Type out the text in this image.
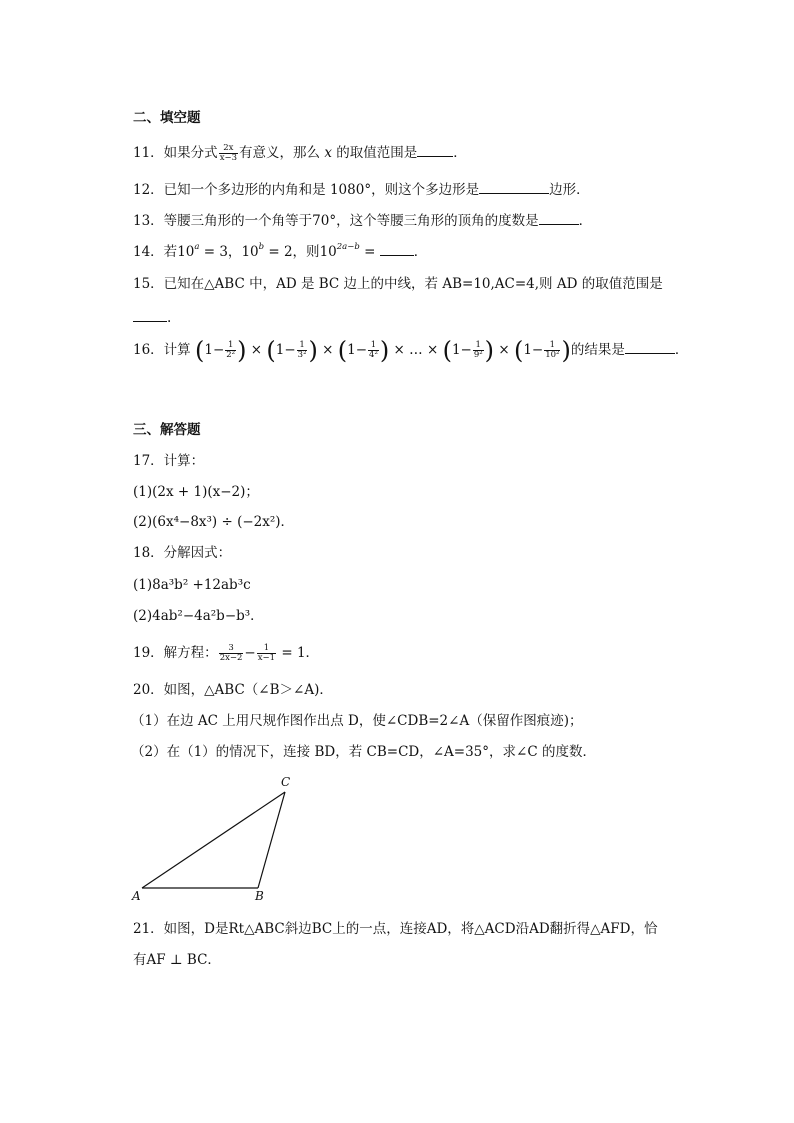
二、填空题
11．如果分式 $\frac{2x}{x-3}$ 有意义，那么 x 的取值范围是	．
12．已知一个多边形的内角和是 1080°，则这个多边形是	边形．
13．等腰三角形的一个角等于70°，这个等腰三角形的顶角的度数是	．
14．若$10^a = 3$，$10^b = 2$，则$10^{2a-b}$ =	．
15．已知在△ABC 中，AD 是 BC 边上的中线，若 AB=10,AC=4,则 AD 的取值范围是
.
16．计算 ($1- \frac{1}{\text{2²}}$ ) × ($1- \frac{1}{\text{3²}}$ ) × ($1- \frac{1}{\text{4²}}$ ) × … × ($1- \frac{1}{\text{9²}}$ ) × ($1- \frac{1}{\text{10²}}$ )的结果是	．
三、解答题
17．计算：
(1)(2x + 1)(x−2)；
(2)(6x⁴−8x³) ÷ (−2x²)．
18．分解因式：
(1)8a³b² +12ab³c
(2)4ab²−4a²b−b³．
19．解方程： $\frac{3}{2x-2} - \frac{1}{x-1} = 1$．
20．如图，△ABC（∠B＞∠A)．
（1）在边 AC 上用尺规作图作出点 D，使∠CDB=2∠A（保留作图痕迹)；
（2）在（1）的情况下，连接 BD，若 CB=CD，∠A=35°，求∠C 的度数．
A	B
C
21．如图，D是Rt△ABC斜边BC上的一点，连接AD，将△ACD沿AD翻折得△AFD，恰
有AF ⊥ BC．
